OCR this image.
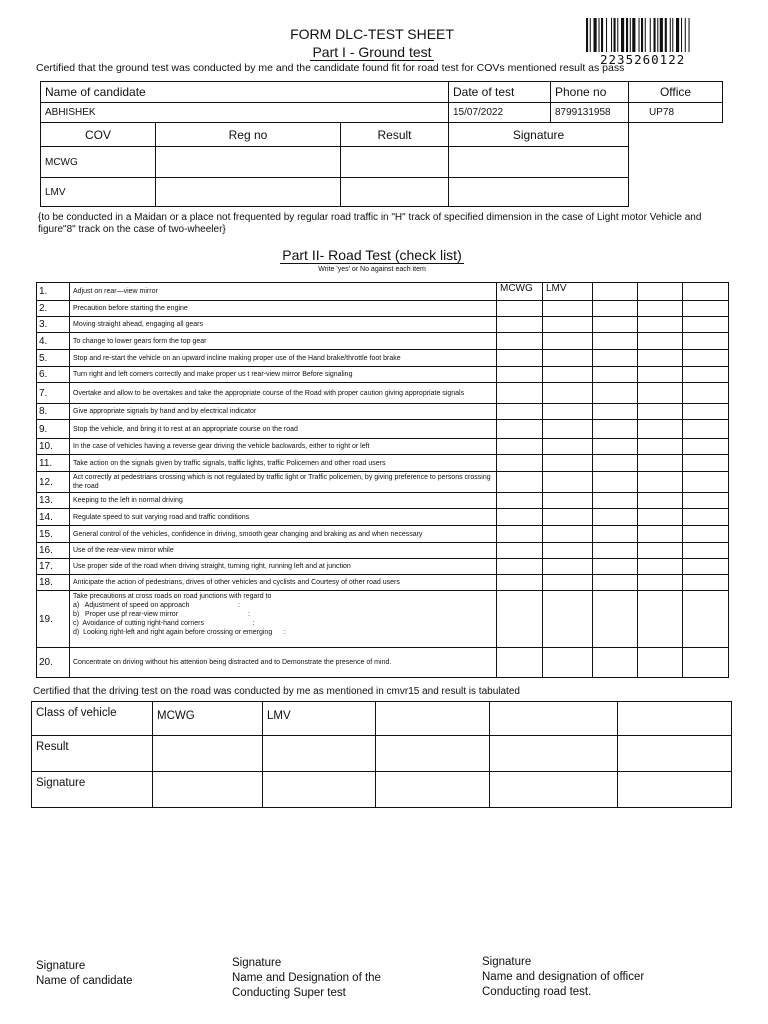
FORM DLC-TEST SHEET
Part I - Ground test	2235260122
Certified that the ground test was conducted by me and the candidate found fit for road test for COVs mentioned result as pass
Name of candidate			Date of test	Phone no	Office
ABHISHEK			15/07/2022	8799131958	UP78
COV	Reg no	Result	Signature		
MCWG					
LMV					
{to be conducted in a Maidan or a place not frequented by regular road traffic in "H" track of specified dimension in the case of Light motor Vehicle and figure"8" track on the case of two-wheeler}
Part II- Road Test (check list)
Write 'yes' or No against each item
1.	Adjust on rear—view mirror	MCWG	LMV				
2.	Precaution before starting the engine						
3.	Moving straight ahead, engaging all gears						
4.	To change to lower gears form the top gear						
5.	Stop and re-start the vehicle on an upward incline making proper use of the Hand brake/throttle foot brake						
6.	Turn right and left corners correctly and make proper us t rear-view mirror Before signaling						
7.	Overtake and allow to be overtakes and take the appropriate course of the Road with proper caution giving appropriate signals						
8.	Give appropriate signals by hand and by electrical indicator						
9.	Stop the vehicle, and bring it to rest at an appropriate course on the road						
10.	In the case of vehicles having a reverse gear driving the vehicle backwards, either to right or left						
11.	Take action on the signals given by traffic signals, traffic lights, traffic Policemen and other road users						
12.	Act correctly at pedestrians crossing which is not regulated by traffic light or Traffic policemen, by giving preference to persons crossing the road						
13.	Keeping to the left in normal driving						
14.	Regulate speed to suit varying road and traffic conditions						
15.	General control of the vehicles, confidence in driving, smooth gear changing and braking as and when necessary						
16.	Use of the rear-view mirror while						
17.	Use proper side of the road when driving straight, turning right, running left and at junction						
18.	Anticipate the action of pedestrians, drives of other vehicles and cyclists and Courtesy of other road users						
19.	Take precautions at cross roads on road junctions with regard to
a)   Adjustment of speed on approach                         :
b)   Proper use pf rear-view mirror                                    :
c)  Avoidance of cutting right-hand corners                         :
d)  Looking right-left and right again before crossing or emerging      :						

20.	Concentrate on driving without his attention being distracted and to Demonstrate the presence of mind.						
Certified that the driving test on the road was conducted by me as mentioned in cmvr15 and result is tabulated
Class of vehicle	MCWG	LMV			
Result					
Signature					
Signature
Name of candidate
Signature
Name and Designation of the
Conducting Super test
Signature
Name and designation of officer
Conducting road test.
